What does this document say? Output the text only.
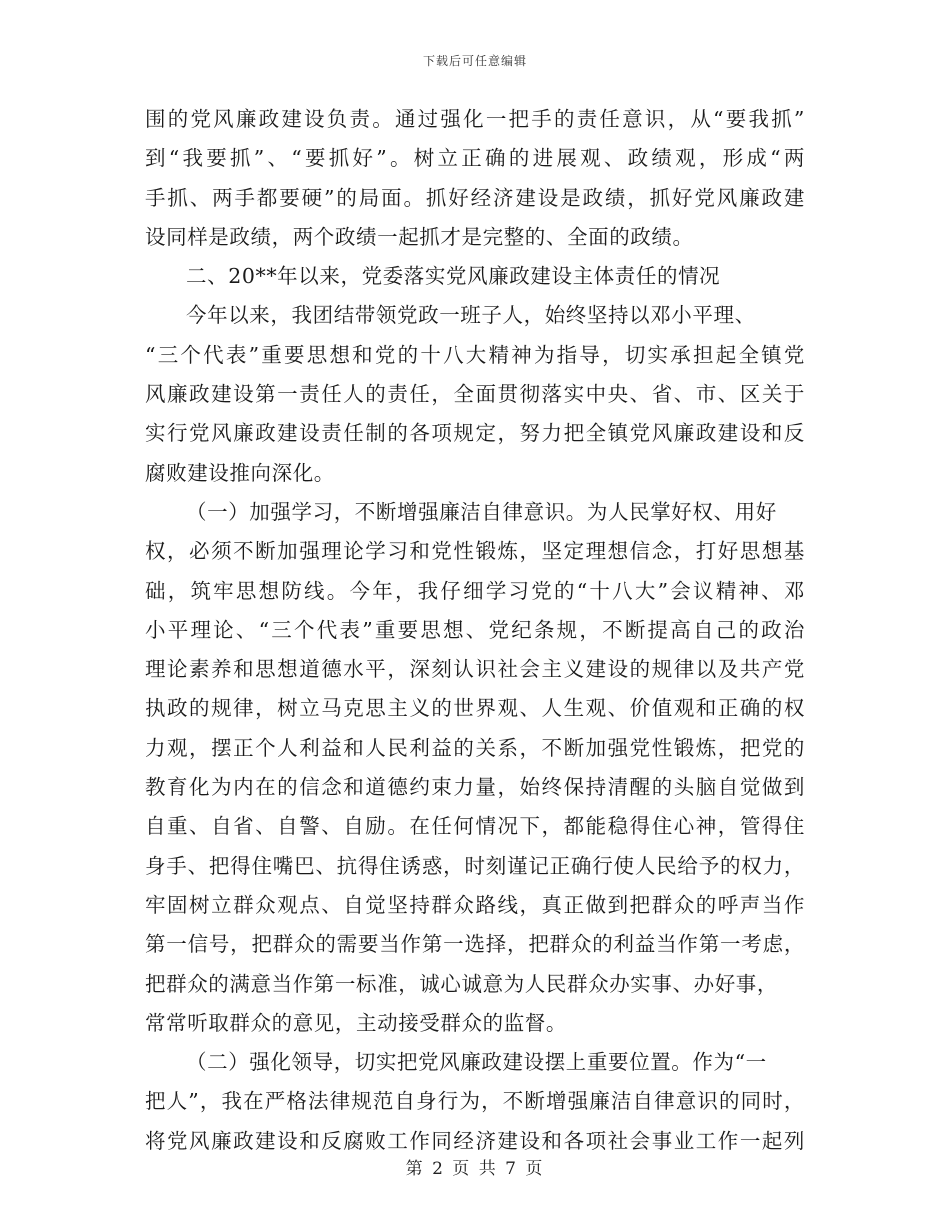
下载后可任意编辑
围的党风廉政建设负责。通过强化一把手的责任意识，从“要我抓”
到“我要抓”、“要抓好”。树立正确的进展观、政绩观，形成“两
手抓、两手都要硬”的局面。抓好经济建设是政绩，抓好党风廉政建
设同样是政绩，两个政绩一起抓才是完整的、全面的政绩。
二、20**年以来，党委落实党风廉政建设主体责任的情况
今年以来，我团结带领党政一班子人，始终坚持以邓小平理、
“三个代表”重要思想和党的十八大精神为指导，切实承担起全镇党
风廉政建设第一责任人的责任，全面贯彻落实中央、省、市、区关于
实行党风廉政建设责任制的各项规定，努力把全镇党风廉政建设和反
腐败建设推向深化。
（一）加强学习，不断增强廉洁自律意识。为人民掌好权、用好
权，必须不断加强理论学习和党性锻炼，坚定理想信念，打好思想基
础，筑牢思想防线。今年，我仔细学习党的“十八大”会议精神、邓
小平理论、“三个代表”重要思想、党纪条规，不断提高自己的政治
理论素养和思想道德水平，深刻认识社会主义建设的规律以及共产党
执政的规律，树立马克思主义的世界观、人生观、价值观和正确的权
力观，摆正个人利益和人民利益的关系，不断加强党性锻炼，把党的
教育化为内在的信念和道德约束力量，始终保持清醒的头脑自觉做到
自重、自省、自警、自励。在任何情况下，都能稳得住心神，管得住
身手、把得住嘴巴、抗得住诱惑，时刻谨记正确行使人民给予的权力，
牢固树立群众观点、自觉坚持群众路线，真正做到把群众的呼声当作
第一信号，把群众的需要当作第一选择，把群众的利益当作第一考虑，
把群众的满意当作第一标准，诚心诚意为人民群众办实事、办好事，
常常听取群众的意见，主动接受群众的监督。
（二）强化领导，切实把党风廉政建设摆上重要位置。作为“一
把人”，我在严格法律规范自身行为，不断增强廉洁自律意识的同时，
将党风廉政建设和反腐败工作同经济建设和各项社会事业工作一起列
第 2 页 共 7 页
